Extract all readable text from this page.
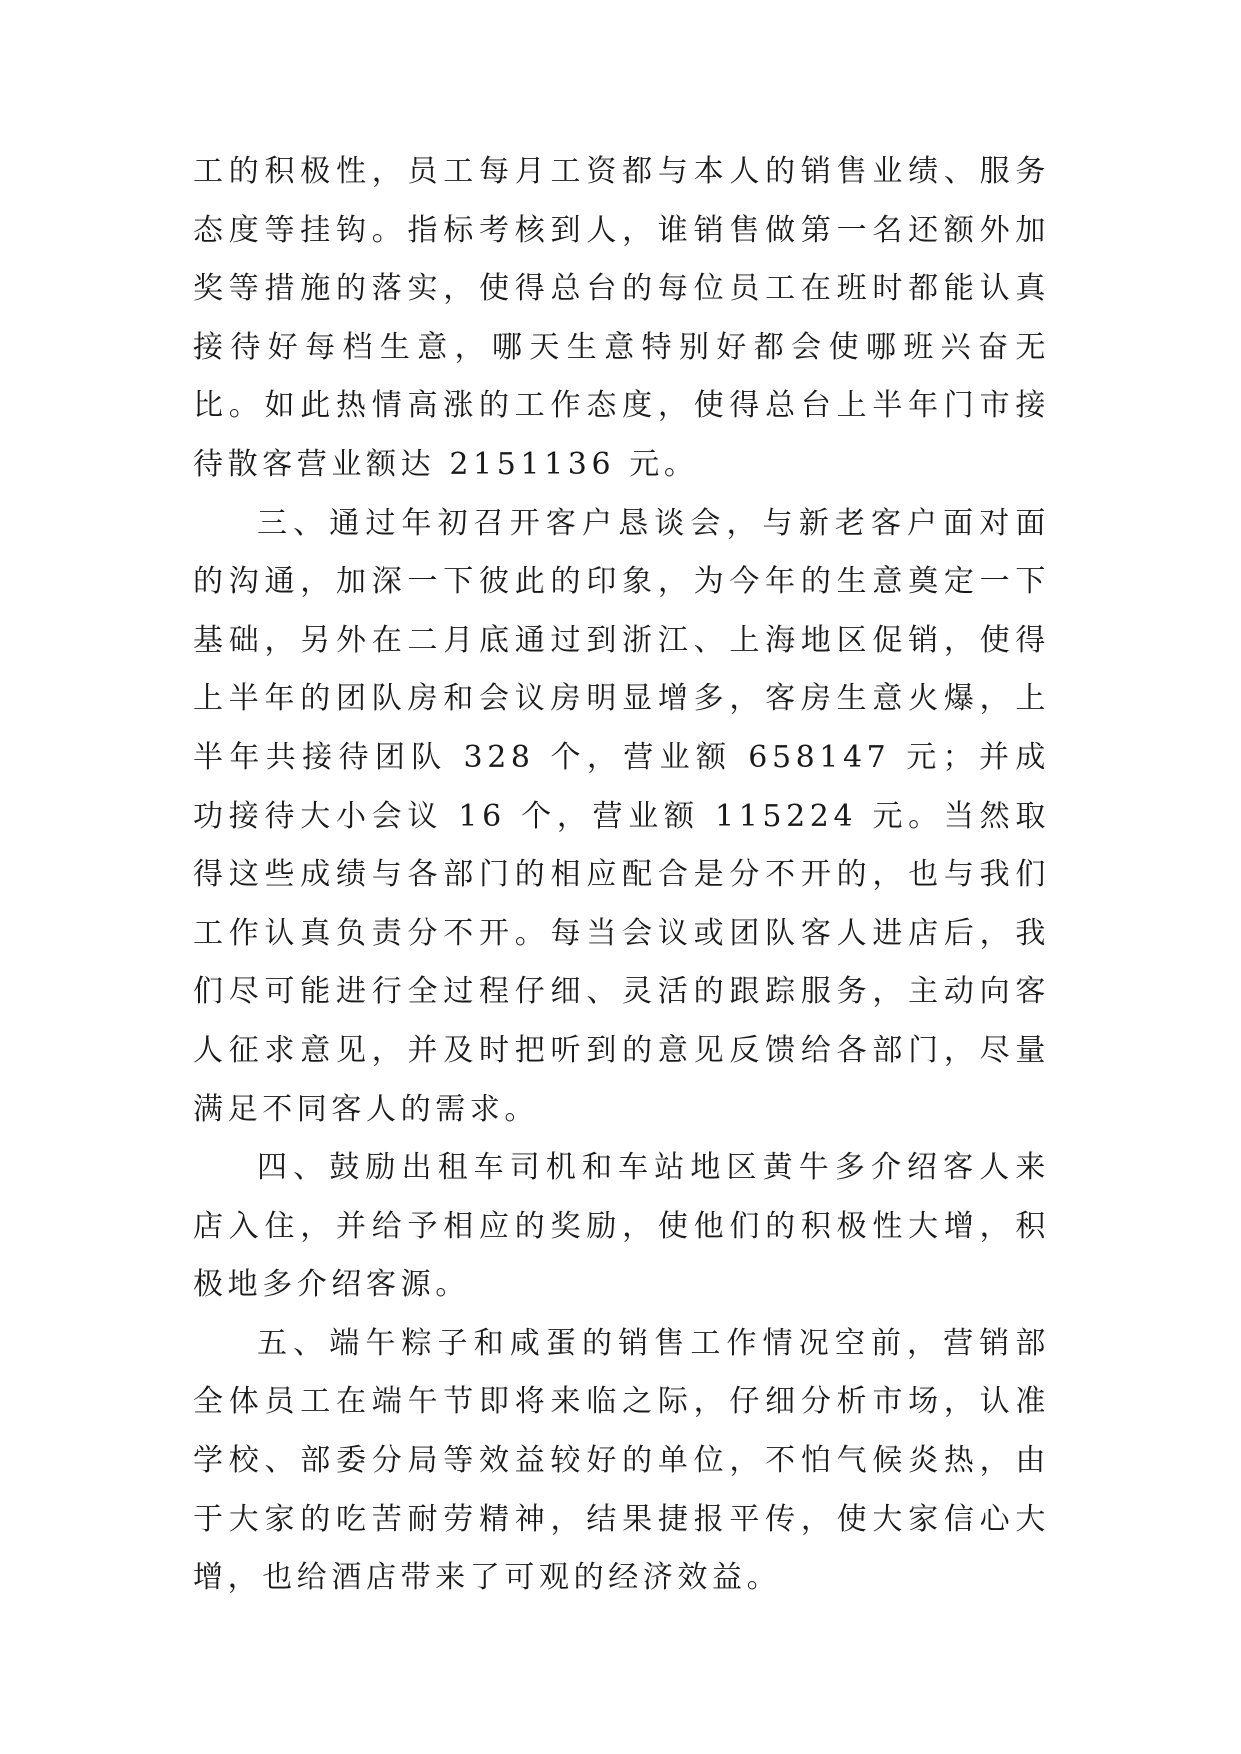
工的积极性，员工每月工资都与本人的销售业绩、服务态度等挂钩。指标考核到人，谁销售做第一名还额外加奖等措施的落实，使得总台的每位员工在班时都能认真接待好每档生意，哪天生意特别好都会使哪班兴奋无比。如此热情高涨的工作态度，使得总台上半年门市接待散客营业额达 2151136 元。

三、通过年初召开客户恳谈会，与新老客户面对面的沟通，加深一下彼此的印象，为今年的生意奠定一下基础，另外在二月底通过到浙江、上海地区促销，使得上半年的团队房和会议房明显增多，客房生意火爆，上半年共接待团队 328 个，营业额 658147 元；并成功接待大小会议 16 个，营业额 115224 元。当然取得这些成绩与各部门的相应配合是分不开的，也与我们工作认真负责分不开。每当会议或团队客人进店后，我们尽可能进行全过程仔细、灵活的跟踪服务，主动向客人征求意见，并及时把听到的意见反馈给各部门，尽量满足不同客人的需求。

四、鼓励出租车司机和车站地区黄牛多介绍客人来店入住，并给予相应的奖励，使他们的积极性大增，积极地多介绍客源。

五、端午粽子和咸蛋的销售工作情况空前，营销部全体员工在端午节即将来临之际，仔细分析市场，认准学校、部委分局等效益较好的单位，不怕气候炎热，由于大家的吃苦耐劳精神，结果捷报平传，使大家信心大增，也给酒店带来了可观的经济效益。
